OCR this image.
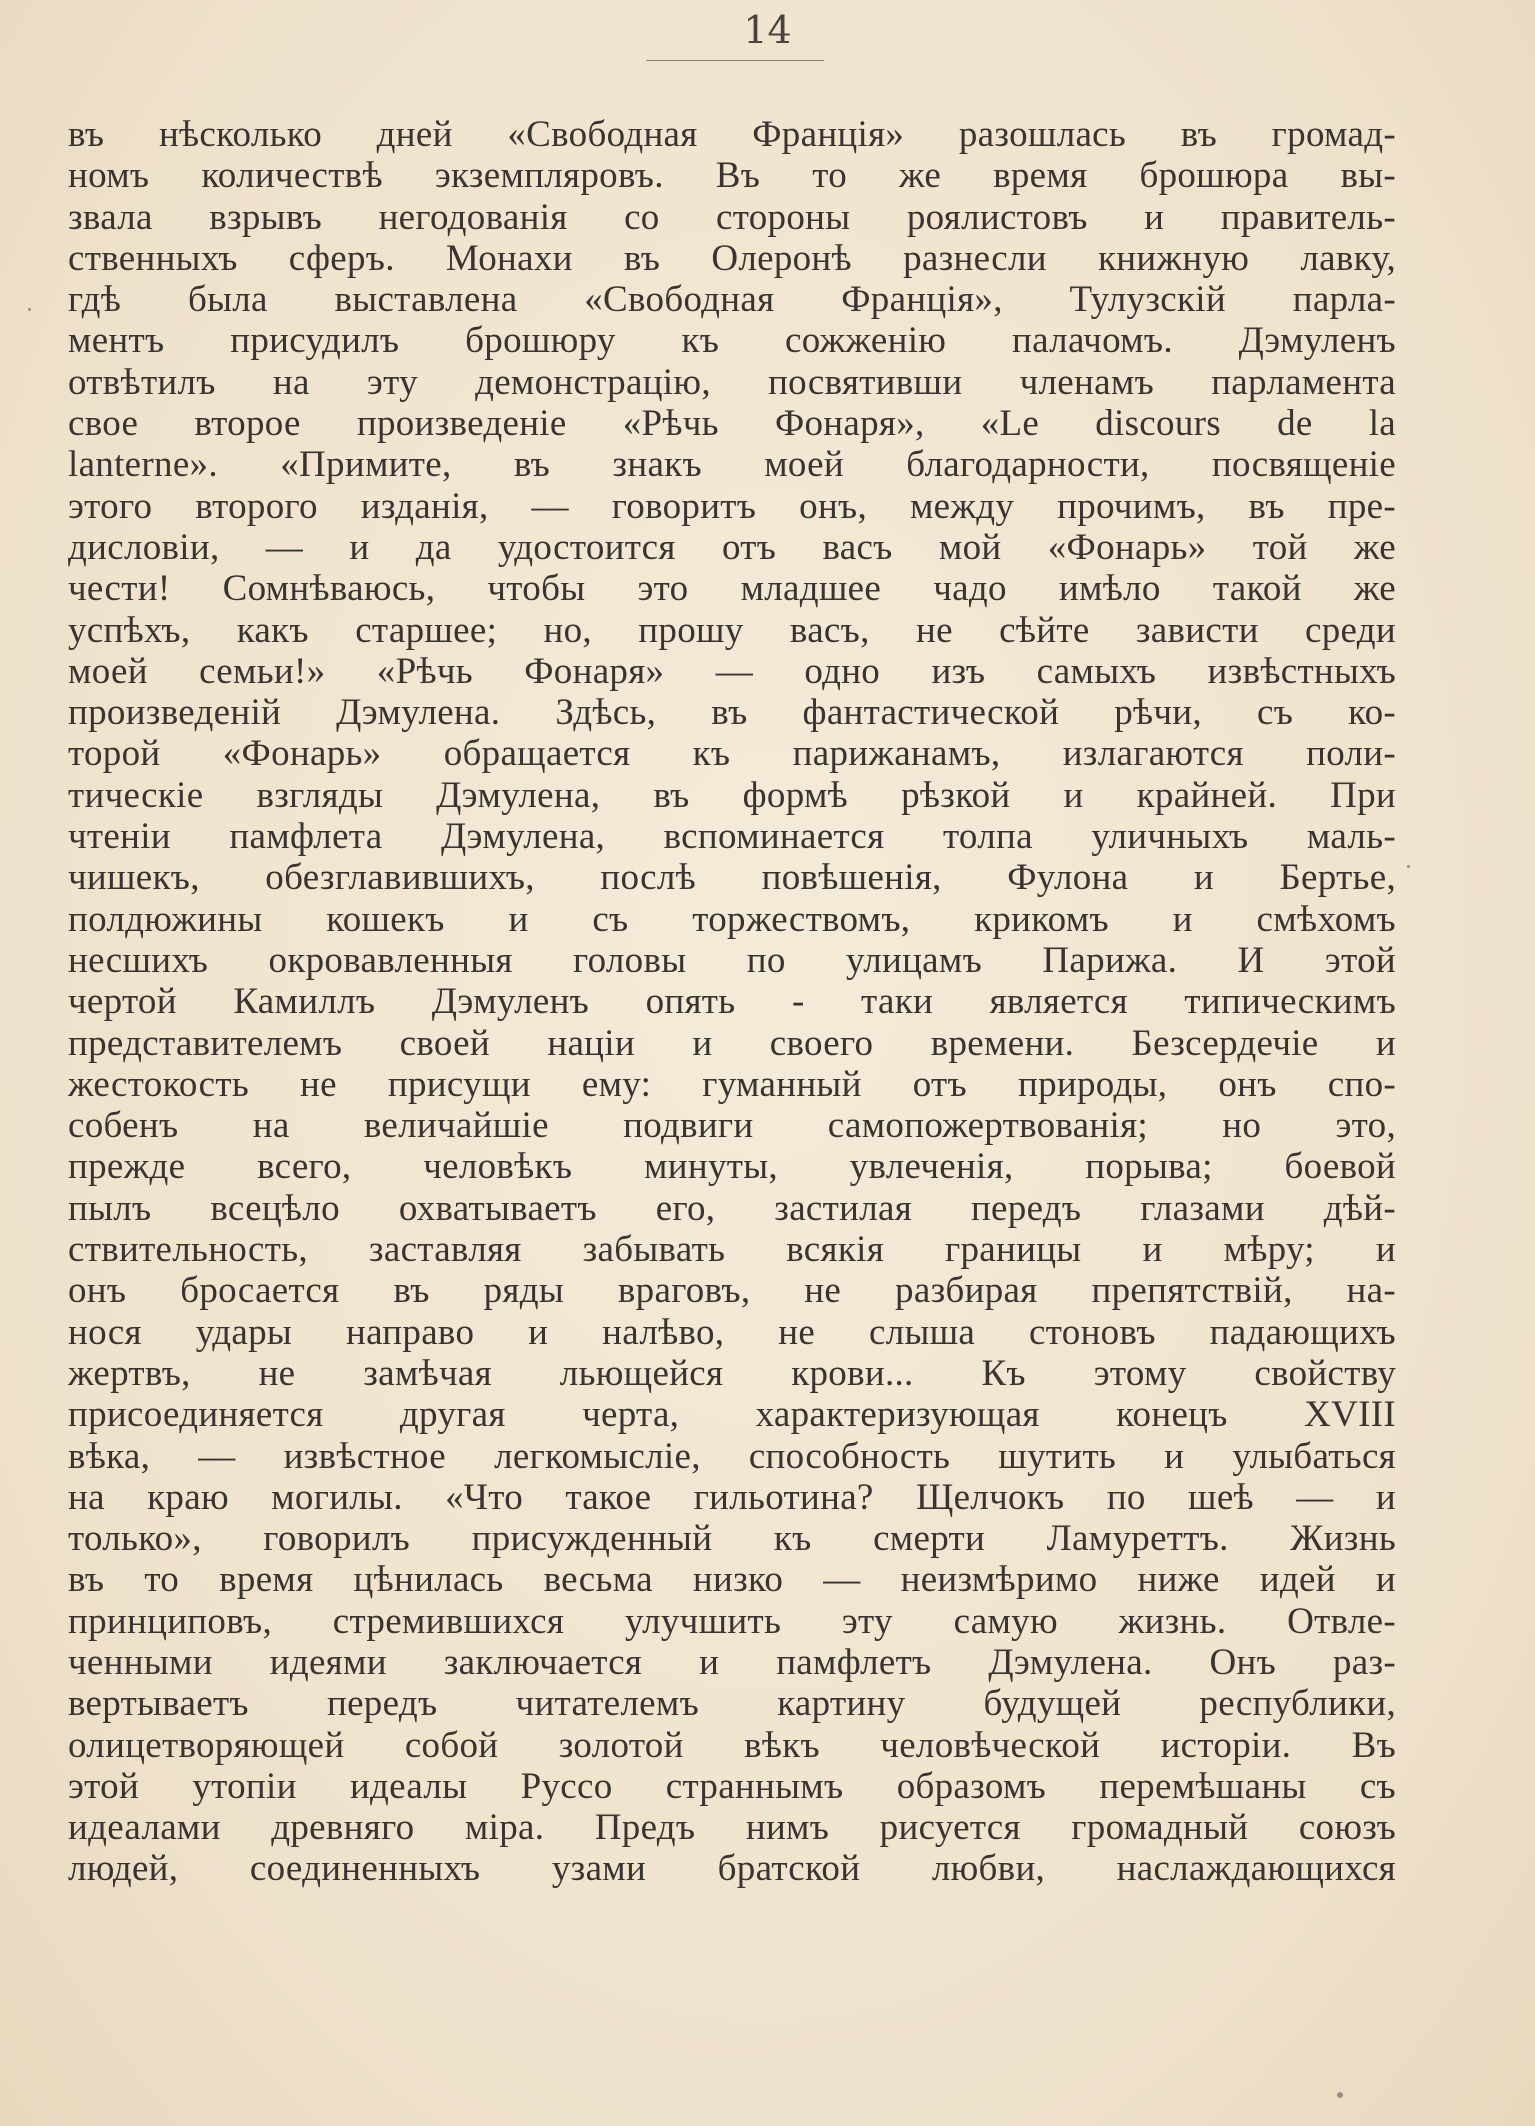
14
въ нѣсколько дней «Свободная Франція» разошлась въ громад-
номъ количествѣ экземпляровъ. Въ то же время брошюра вы-
звала взрывъ негодованія со стороны роялистовъ и правитель-
ственныхъ сферъ. Монахи въ Олеронѣ разнесли книжную лавку,
гдѣ была выставлена «Свободная Франція», Тулузскій парла-
ментъ присудилъ брошюру къ сожженію палачомъ. Дэмуленъ
отвѣтилъ на эту демонстрацію, посвятивши членамъ парламента
свое второе произведеніе «Рѣчь Фонаря», «Le discours de la
lanterne». «Примите, въ знакъ моей благодарности, посвященіе
этого второго изданія, — говоритъ онъ, между прочимъ, въ пре-
дисловіи, — и да удостоится отъ васъ мой «Фонарь» той же
чести! Сомнѣваюсь, чтобы это младшее чадо имѣло такой же
успѣхъ, какъ старшее; но, прошу васъ, не сѣйте зависти среди
моей семьи!» «Рѣчь Фонаря» — одно изъ самыхъ извѣстныхъ
произведеній Дэмулена. Здѣсь, въ фантастической рѣчи, съ ко-
торой «Фонарь» обращается къ парижанамъ, излагаются поли-
тическіе взгляды Дэмулена, въ формѣ рѣзкой и крайней. При
чтеніи памфлета Дэмулена, вспоминается толпа уличныхъ маль-
чишекъ, обезглавившихъ, послѣ повѣшенія, Фулона и Бертье,
полдюжины кошекъ и съ торжествомъ, крикомъ и смѣхомъ
несшихъ окровавленныя головы по улицамъ Парижа. И этой
чертой Камиллъ Дэмуленъ опять - таки является типическимъ
представителемъ своей націи и своего времени. Безсердечіе и
жестокость не присущи ему: гуманный отъ природы, онъ спо-
собенъ на величайшіе подвиги самопожертвованія; но это,
прежде всего, человѣкъ минуты, увлеченія, порыва; боевой
пылъ всецѣло охватываетъ его, застилая передъ глазами дѣй-
ствительность, заставляя забывать всякія границы и мѣру; и
онъ бросается въ ряды враговъ, не разбирая препятствій, на-
нося удары направо и налѣво, не слыша стоновъ падающихъ
жертвъ, не замѣчая льющейся крови... Къ этому свойству
присоединяется другая черта, характеризующая конецъ XVIII
вѣка, — извѣстное легкомысліе, способность шутить и улыбаться
на краю могилы. «Что такое гильотина? Щелчокъ по шеѣ — и
только», говорилъ присужденный къ смерти Ламуреттъ. Жизнь
въ то время цѣнилась весьма низко — неизмѣримо ниже идей и
принциповъ, стремившихся улучшить эту самую жизнь. Отвле-
ченными идеями заключается и памфлетъ Дэмулена. Онъ раз-
вертываетъ передъ читателемъ картину будущей республики,
олицетворяющей собой золотой вѣкъ человѣческой исторіи. Въ
этой утопіи идеалы Руссо страннымъ образомъ перемѣшаны съ
идеалами древняго міра. Предъ нимъ рисуется громадный союзъ
людей, соединенныхъ узами братской любви, наслаждающихся
